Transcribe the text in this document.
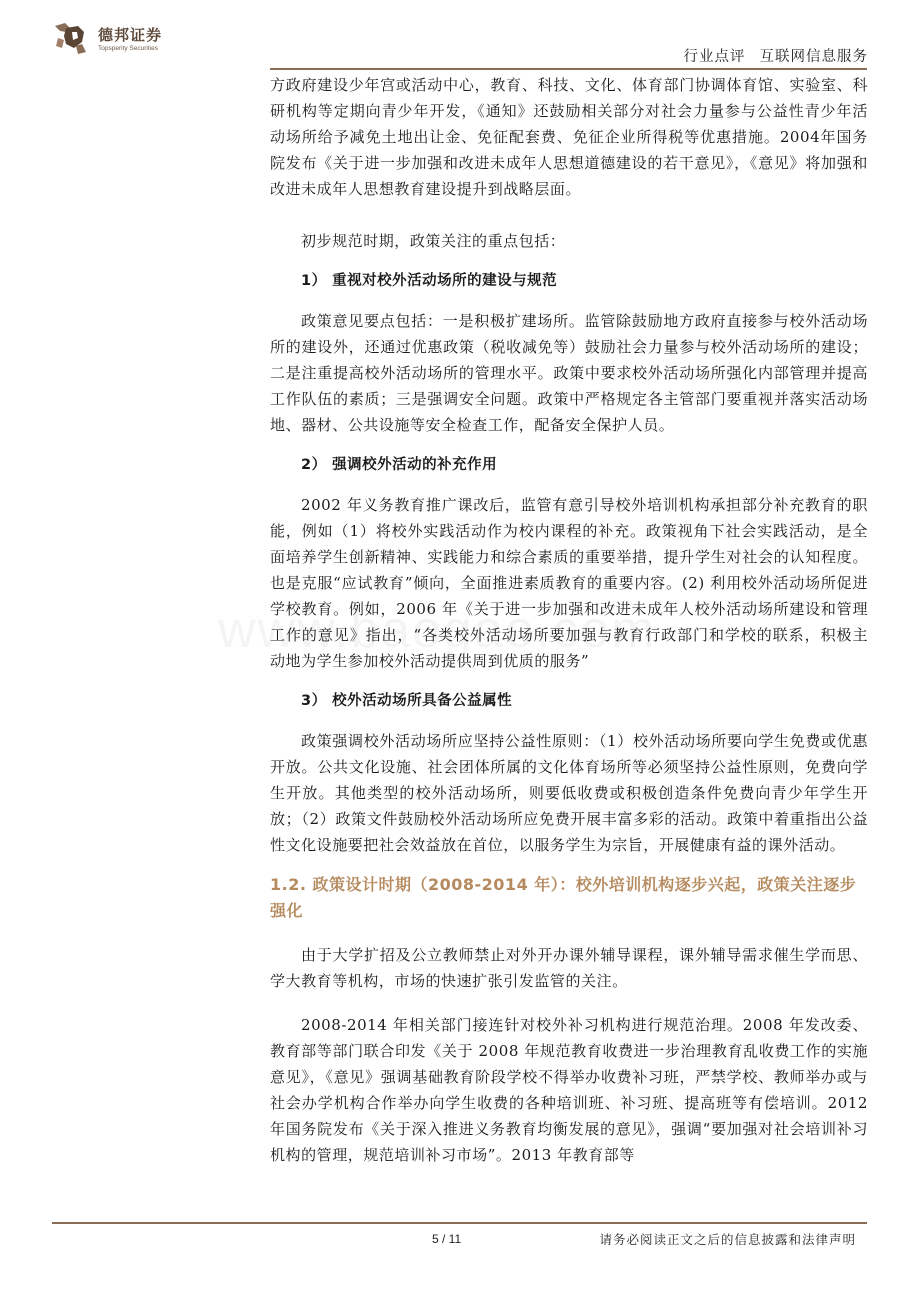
德邦证券
Topsperity Securities
行业点评 互联网信息服务

方政府建设少年宫或活动中心，教育、科技、文化、体育部门协调体育馆、实验室、科研机构等定期向青少年开发，《通知》还鼓励相关部分对社会力量参与公益性青少年活动场所给予减免土地出让金、免征配套费、免征企业所得税等优惠措施。2004年国务院发布《关于进一步加强和改进未成年人思想道德建设的若干意见》，《意见》将加强和改进未成年人思想教育建设提升到战略层面。

初步规范时期，政策关注的重点包括：

1） 重视对校外活动场所的建设与规范

政策意见要点包括：一是积极扩建场所。监管除鼓励地方政府直接参与校外活动场所的建设外，还通过优惠政策（税收减免等）鼓励社会力量参与校外活动场所的建设；二是注重提高校外活动场所的管理水平。政策中要求校外活动场所强化内部管理并提高工作队伍的素质；三是强调安全问题。政策中严格规定各主管部门要重视并落实活动场地、器材、公共设施等安全检查工作，配备安全保护人员。

2） 强调校外活动的补充作用

2002 年义务教育推广课改后，监管有意引导校外培训机构承担部分补充教育的职能，例如（1）将校外实践活动作为校内课程的补充。政策视角下社会实践活动，是全面培养学生创新精神、实践能力和综合素质的重要举措，提升学生对社会的认知程度。也是克服“应试教育”倾向，全面推进素质教育的重要内容。(2) 利用校外活动场所促进学校教育。例如，2006 年《关于进一步加强和改进未成年人校外活动场所建设和管理工作的意见》指出，“各类校外活动场所要加强与教育行政部门和学校的联系，积极主动地为学生参加校外活动提供周到优质的服务”

3） 校外活动场所具备公益属性

政策强调校外活动场所应坚持公益性原则：（1）校外活动场所要向学生免费或优惠开放。公共文化设施、社会团体所属的文化体育场所等必须坚持公益性原则，免费向学生开放。其他类型的校外活动场所，则要低收费或积极创造条件免费向青少年学生开放；（2）政策文件鼓励校外活动场所应免费开展丰富多彩的活动。政策中着重指出公益性文化设施要把社会效益放在首位，以服务学生为宗旨，开展健康有益的课外活动。

1.2. 政策设计时期（2008-2014 年）：校外培训机构逐步兴起，政策关注逐步强化

由于大学扩招及公立教师禁止对外开办课外辅导课程，课外辅导需求催生学而思、学大教育等机构，市场的快速扩张引发监管的关注。

2008-2014 年相关部门接连针对校外补习机构进行规范治理。2008 年发改委、教育部等部门联合印发《关于 2008 年规范教育收费进一步治理教育乱收费工作的实施意见》，《意见》强调基础教育阶段学校不得举办收费补习班，严禁学校、教师举办或与社会办学机构合作举办向学生收费的各种培训班、补习班、提高班等有偿培训。2012 年国务院发布《关于深入推进义务教育均衡发展的意见》，强调“要加强对社会培训补习机构的管理，规范培训补习市场”。2013 年教育部等

5 / 11	请务必阅读正文之后的信息披露和法律声明
